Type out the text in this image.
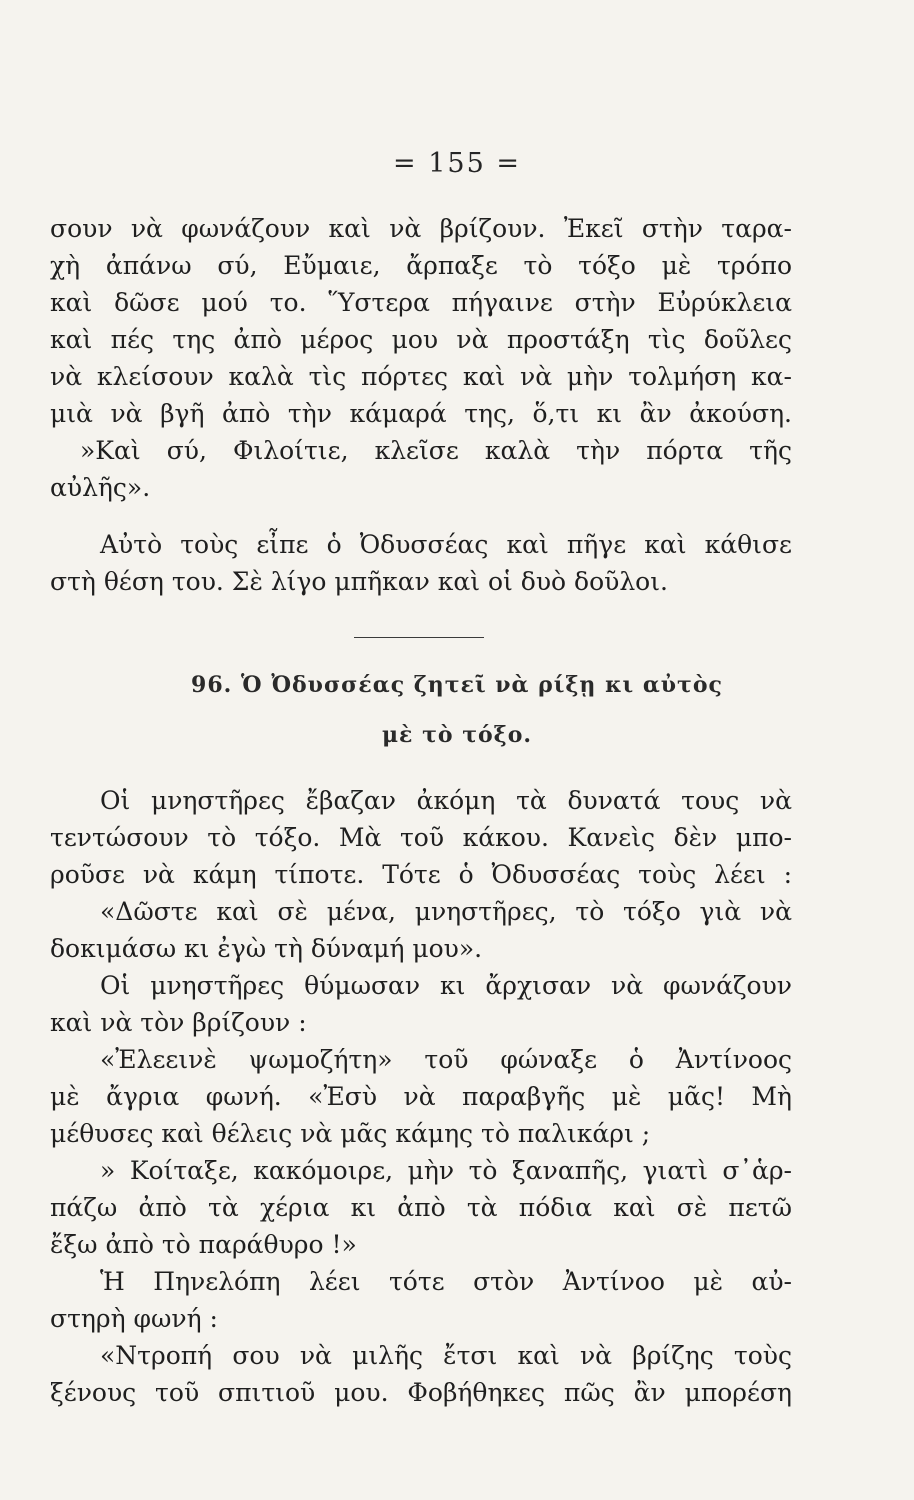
= 155 =
σουν νὰ φωνάζουν καὶ νὰ βρίζουν. Ἐκεῖ στὴν ταρα-
χὴ ἀπάνω σύ, Εὔμαιε, ἄρπαξε τὸ τόξο μὲ τρόπο
καὶ δῶσε μού το. Ὕστερα πήγαινε στὴν Εὐρύκλεια
καὶ πές της ἀπὸ μέρος μου νὰ προστάξη τὶς δοῦλες
νὰ κλείσουν καλὰ τὶς πόρτες καὶ νὰ μὴν τολμήση κα-
μιὰ νὰ βγῆ ἀπὸ τὴν κάμαρά της, ὅ,τι κι ἂν ἀκούση.
»Καὶ σύ, Φιλοίτιε, κλεῖσε καλὰ τὴν πόρτα τῆς
αὐλῆς».
Αὐτὸ τοὺς εἶπε ὁ Ὀδυσσέας καὶ πῆγε καὶ κάθισε
στὴ θέση του. Σὲ λίγο μπῆκαν καὶ οἱ δυὸ δοῦλοι.
96. Ὁ Ὀδυσσέας ζητεῖ νὰ ρίξῃ κι αὐτὸς
μὲ τὸ τόξο.
Οἱ μνηστῆρες ἔβαζαν ἀκόμη τὰ δυνατά τους νὰ
τεντώσουν τὸ τόξο. Μὰ τοῦ κάκου. Κανεὶς δὲν μπο-
ροῦσε νὰ κάμη τίποτε. Τότε ὁ Ὀδυσσέας τοὺς λέει :
«Δῶστε καὶ σὲ μένα, μνηστῆρες, τὸ τόξο γιὰ νὰ
δοκιμάσω κι ἐγὼ τὴ δύναμή μου».
Οἱ μνηστῆρες θύμωσαν κι ἄρχισαν νὰ φωνάζουν
καὶ νὰ τὸν βρίζουν :
«Ἐλεεινὲ ψωμοζήτη» τοῦ φώναξε ὁ Ἀντίνοος
μὲ ἄγρια φωνή. «Ἐσὺ νὰ παραβγῆς μὲ μᾶς! Μὴ
μέθυσες καὶ θέλεις νὰ μᾶς κάμης τὸ παλικάρι ;
» Κοίταξε, κακόμοιρε, μὴν τὸ ξαναπῆς, γιατὶ σ᾽ἁρ-
πάζω ἀπὸ τὰ χέρια κι ἀπὸ τὰ πόδια καὶ σὲ πετῶ
ἔξω ἀπὸ τὸ παράθυρο !»
Ἡ Πηνελόπη λέει τότε στὸν Ἀντίνοο μὲ αὐ-
στηρὴ φωνή :
«Ντροπή σου νὰ μιλῆς ἔτσι καὶ νὰ βρίζης τοὺς
ξένους τοῦ σπιτιοῦ μου. Φοβήθηκες πῶς ἂν μπορέση
